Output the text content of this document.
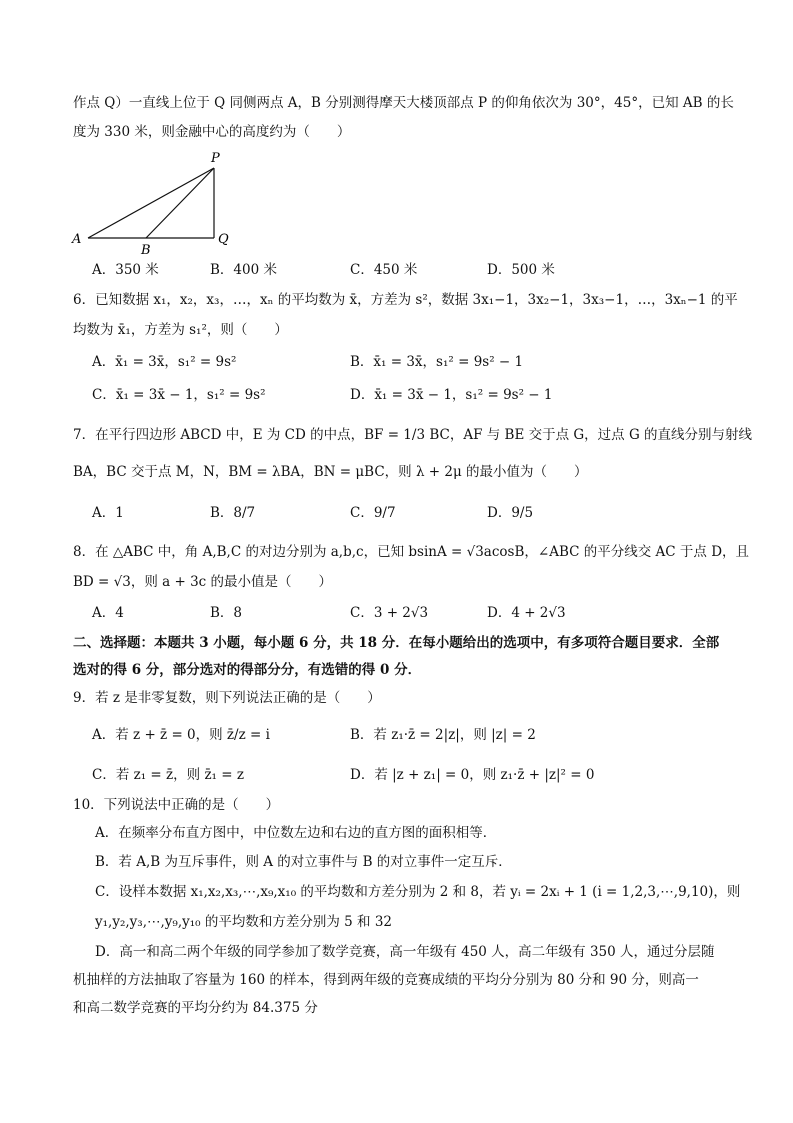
作点 Q）一直线上位于 Q 同侧两点 A，B 分别测得摩天大楼顶部点 P 的仰角依次为 30°，45°，已知 AB 的长
度为 330 米，则金融中心的高度约为（　　）
P
A
B
Q
A．350 米	B．400 米	C．450 米	D．500 米
6．已知数据 x₁，x₂，x₃，…，xₙ 的平均数为 x̄，方差为 s²，数据 3x₁−1，3x₂−1，3x₃−1，…，3xₙ−1 的平
均数为 x̄₁，方差为 s₁²，则（　　）
A．x̄₁ = 3x̄，s₁² = 9s²	B．x̄₁ = 3x̄，s₁² = 9s² − 1
C．x̄₁ = 3x̄ − 1，s₁² = 9s²	D．x̄₁ = 3x̄ − 1，s₁² = 9s² − 1
7．在平行四边形 ABCD 中，E 为 CD 的中点，BF = 1/3 BC，AF 与 BE 交于点 G，过点 G 的直线分别与射线
BA，BC 交于点 M，N，BM = λBA，BN = μBC，则 λ + 2μ 的最小值为（　　）
A．1	B．8/7	C．9/7	D．9/5
8．在 △ABC 中，角 A,B,C 的对边分别为 a,b,c，已知 bsinA = √3acosB，∠ABC 的平分线交 AC 于点 D，且
BD = √3，则 a + 3c 的最小值是（　　）
A．4	B．8	C．3 + 2√3	D．4 + 2√3
二、选择题：本题共 3 小题，每小题 6 分，共 18 分．在每小题给出的选项中，有多项符合题目要求．全部
选对的得 6 分，部分选对的得部分分，有选错的得 0 分．
9．若 z 是非零复数，则下列说法正确的是（　　）
A．若 z + z̄ = 0，则 z̄/z = i	B．若 z₁·z̄ = 2|z|，则 |z| = 2
C．若 z₁ = z̄，则 z̄₁ = z	D．若 |z + z₁| = 0，则 z₁·z̄ + |z|² = 0
10．下列说法中正确的是（　　）
A．在频率分布直方图中，中位数左边和右边的直方图的面积相等．
B．若 A,B 为互斥事件，则 A 的对立事件与 B 的对立事件一定互斥．
C．设样本数据 x₁,x₂,x₃,⋯,x₉,x₁₀ 的平均数和方差分别为 2 和 8，若 yᵢ = 2xᵢ + 1 (i = 1,2,3,⋯,9,10)，则
y₁,y₂,y₃,⋯,y₉,y₁₀ 的平均数和方差分别为 5 和 32
D．高一和高二两个年级的同学参加了数学竞赛，高一年级有 450 人，高二年级有 350 人，通过分层随
机抽样的方法抽取了容量为 160 的样本，得到两年级的竞赛成绩的平均分分别为 80 分和 90 分，则高一
和高二数学竞赛的平均分约为 84.375 分
